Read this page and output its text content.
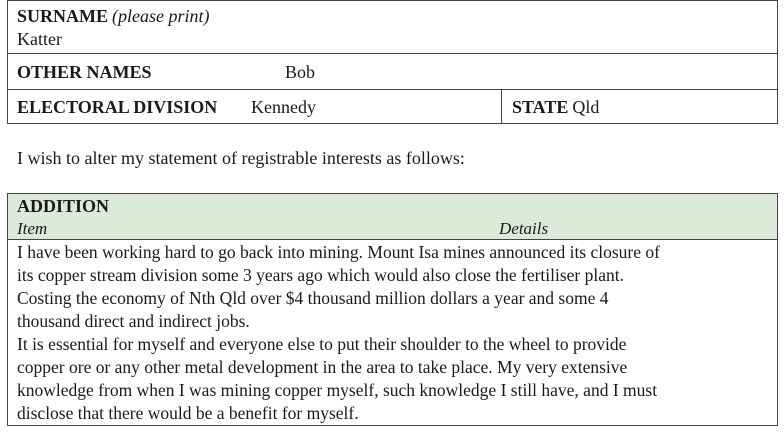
SURNAME (please print)
Katter
OTHER NAMES	Bob
ELECTORAL DIVISION Kennedy	STATE Qld
I wish to alter my statement of registrable interests as follows:
ADDITION
Item	Details
I have been working hard to go back into mining. Mount Isa mines announced its closure of
its copper stream division some 3 years ago which would also close the fertiliser plant.
Costing the economy of Nth Qld over $4 thousand million dollars a year and some 4
thousand direct and indirect jobs.
It is essential for myself and everyone else to put their shoulder to the wheel to provide
copper ore or any other metal development in the area to take place. My very extensive
knowledge from when I was mining copper myself, such knowledge I still have, and I must
disclose that there would be a benefit for myself.
